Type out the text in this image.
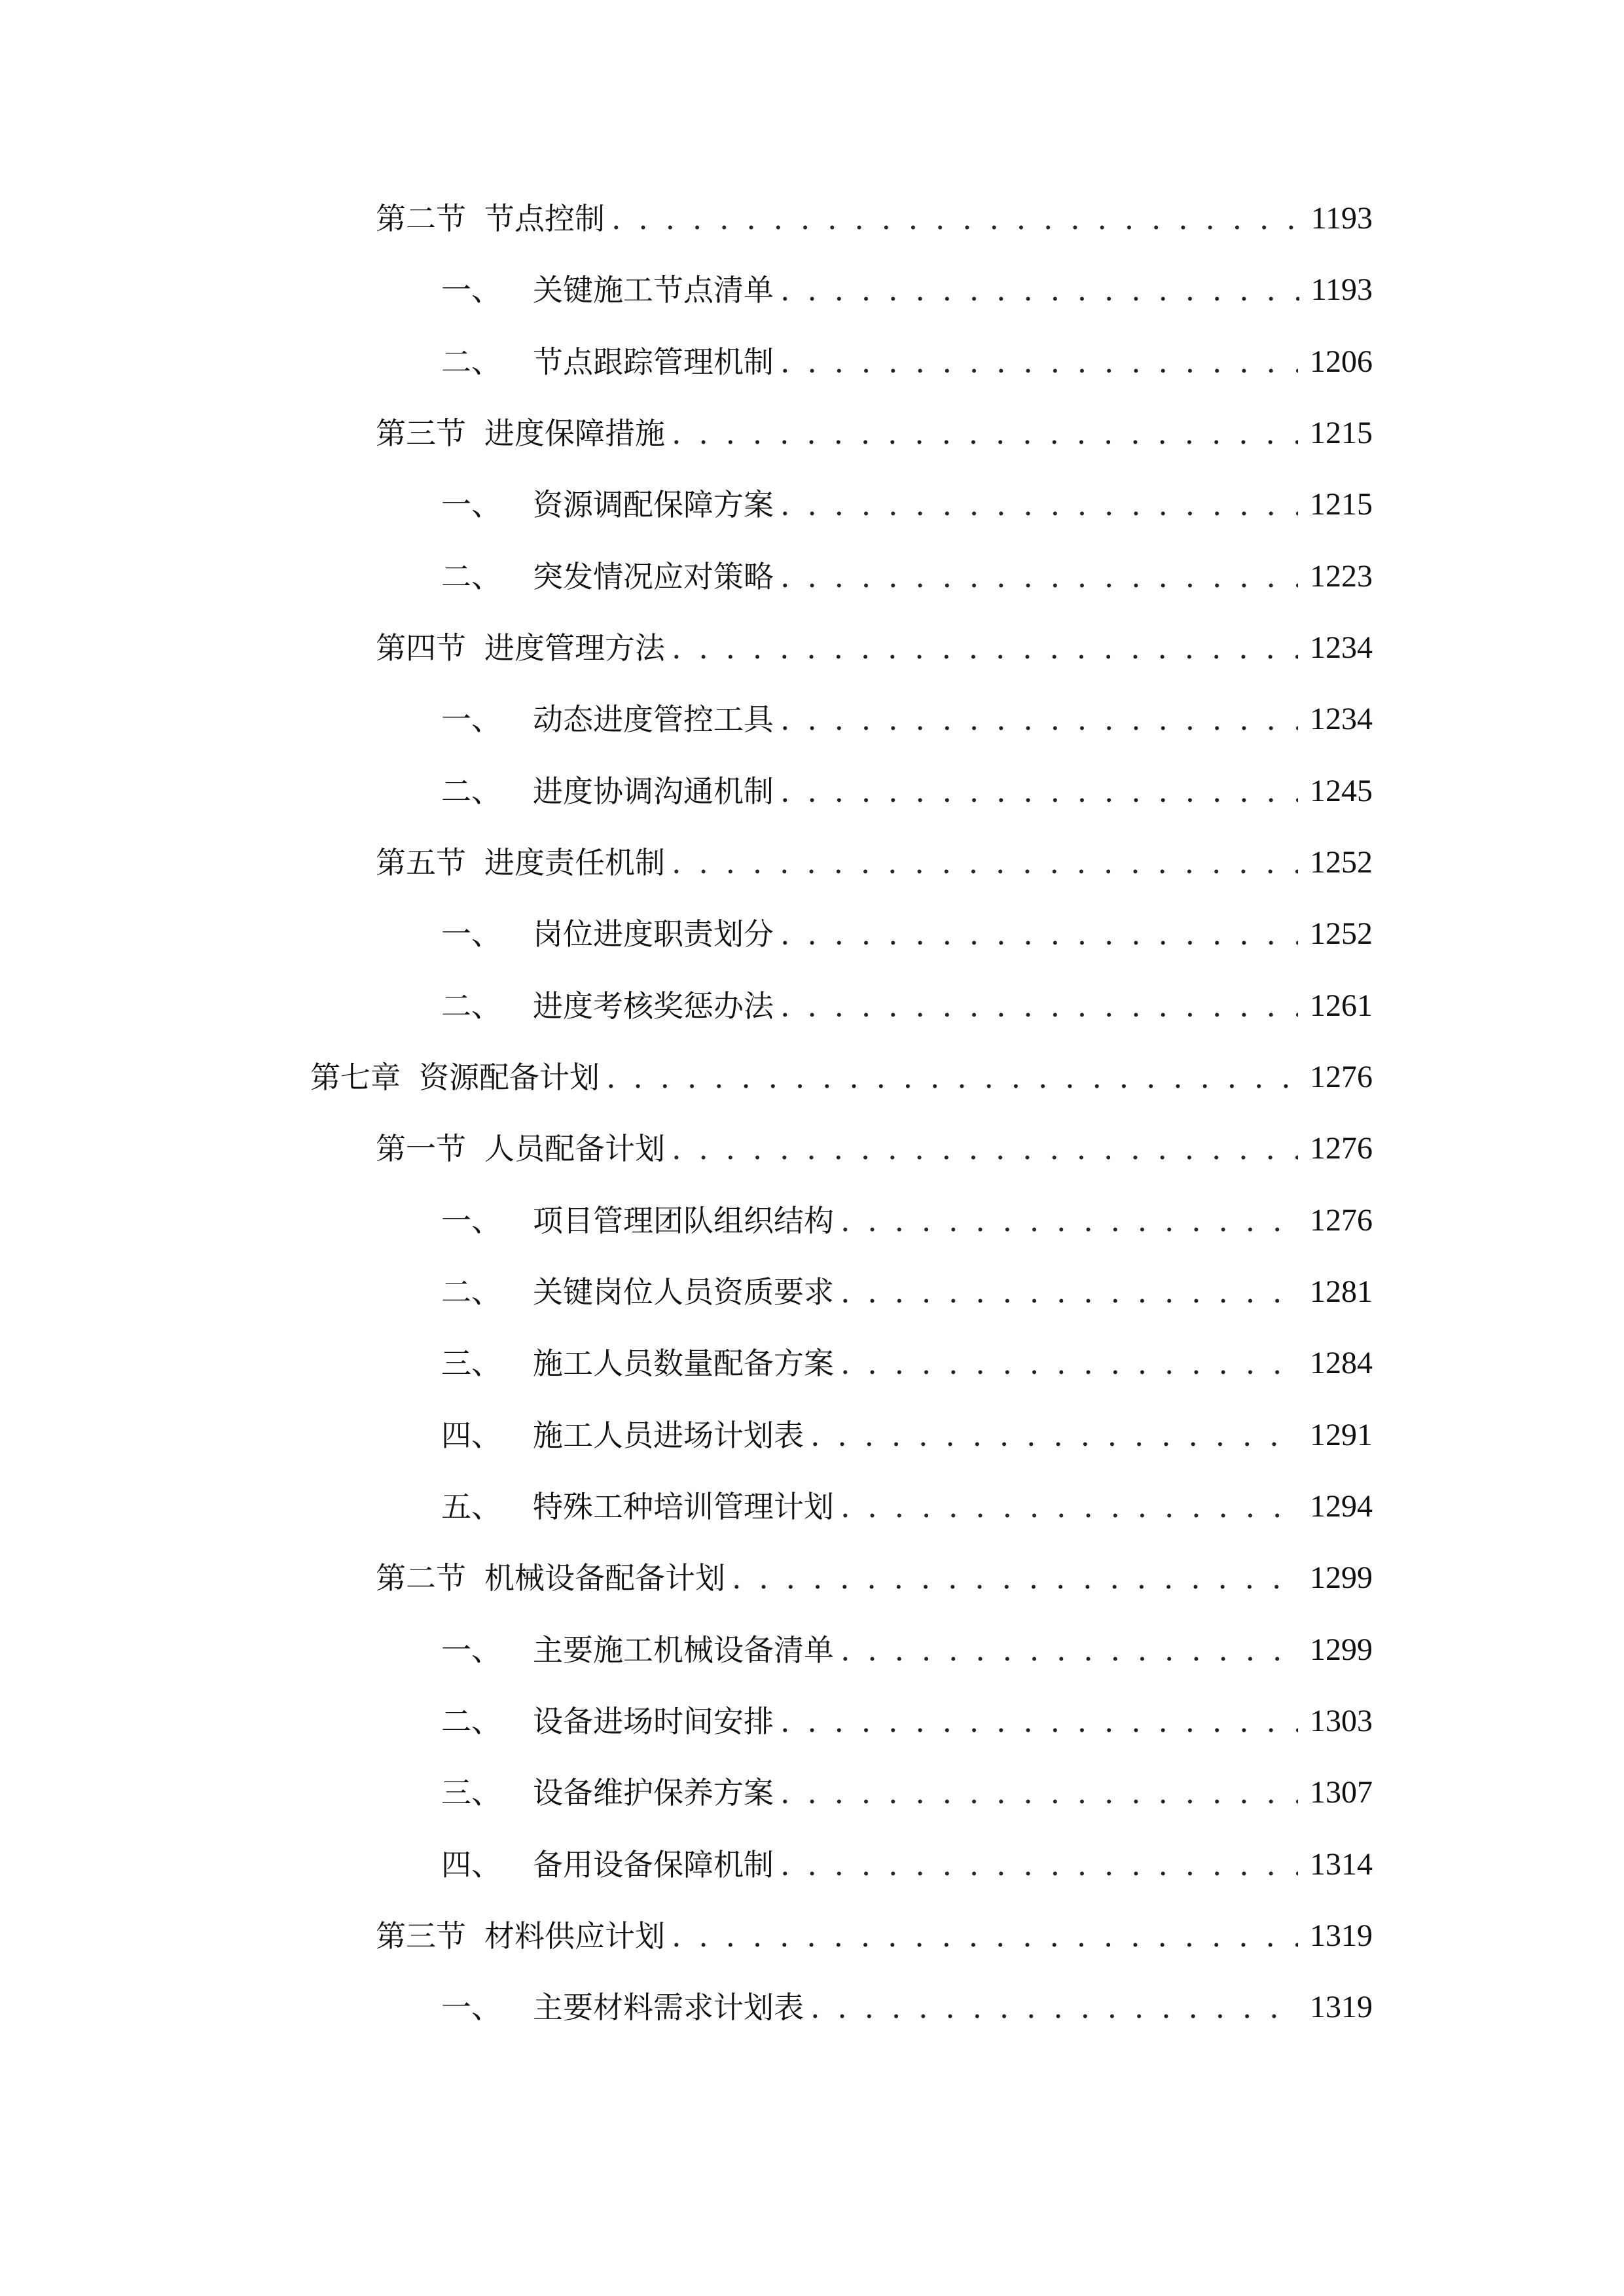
第二节 节点控制 . . .	1193
一、 关键施工节点清单 . . .	1193
二、 节点跟踪管理机制 . . .	1206
第三节 进度保障措施 . . .	1215
一、 资源调配保障方案 . . .	1215
二、 突发情况应对策略 . . .	1223
第四节 进度管理方法 . . .	1234
一、 动态进度管控工具 . . .	1234
二、 进度协调沟通机制 . . .	1245
第五节 进度责任机制 . . .	1252
一、 岗位进度职责划分 . . .	1252
二、 进度考核奖惩办法 . . .	1261
第七章 资源配备计划 . . .	1276
第一节 人员配备计划 . . .	1276
一、 项目管理团队组织结构 . . .	1276
二、 关键岗位人员资质要求 . . .	1281
三、 施工人员数量配备方案 . . .	1284
四、 施工人员进场计划表 . . .	1291
五、 特殊工种培训管理计划 . . .	1294
第二节 机械设备配备计划 . . .	1299
一、 主要施工机械设备清单 . . .	1299
二、 设备进场时间安排 . . .	1303
三、 设备维护保养方案 . . .	1307
四、 备用设备保障机制 . . .	1314
第三节 材料供应计划 . . .	1319
一、 主要材料需求计划表 . . .	1319
